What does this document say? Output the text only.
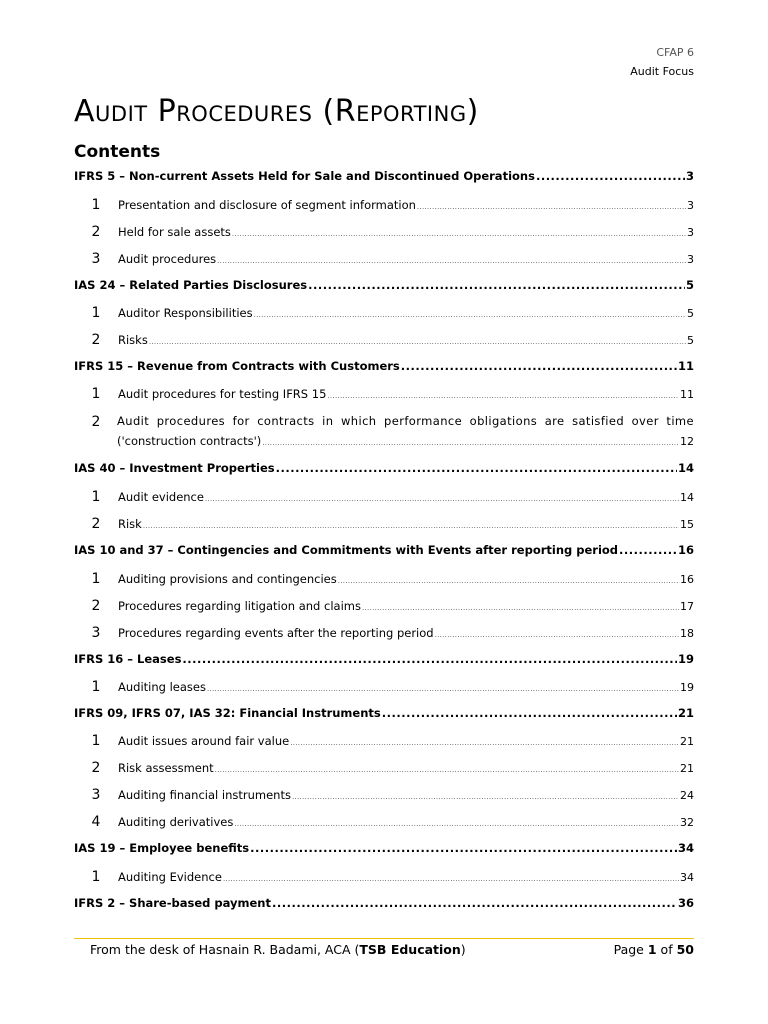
CFAP 6
Audit Focus
Audit Procedures (Reporting)
Contents
IFRS 5 – Non-current Assets Held for Sale and Discontinued Operations .....	3
1	Presentation and disclosure of segment information .....	3
2	Held for sale assets .....	3
3	Audit procedures .....	3
IAS 24 – Related Parties Disclosures .....	5
1	Auditor Responsibilities .....	5
2	Risks .....	5
IFRS 15 – Revenue from Contracts with Customers .....	11
1	Audit procedures for testing IFRS 15 .....	11
2	Audit procedures for contracts in which performance obligations are satisfied over time
('construction contracts') .....	12
IAS 40 – Investment Properties .....	14
1	Audit evidence .....	14
2	Risk .....	15
IAS 10 and 37 – Contingencies and Commitments with Events after reporting period .....	16
1	Auditing provisions and contingencies .....	16
2	Procedures regarding litigation and claims .....	17
3	Procedures regarding events after the reporting period .....	18
IFRS 16 – Leases .....	19
1	Auditing leases .....	19
IFRS 09, IFRS 07, IAS 32: Financial Instruments .....	21
1	Audit issues around fair value .....	21
2	Risk assessment .....	21
3	Auditing financial instruments .....	24
4	Auditing derivatives .....	32
IAS 19 – Employee benefits .....	34
1	Auditing Evidence .....	34
IFRS 2 – Share-based payment .....	36
From the desk of Hasnain R. Badami, ACA (TSB Education)	Page 1 of 50
